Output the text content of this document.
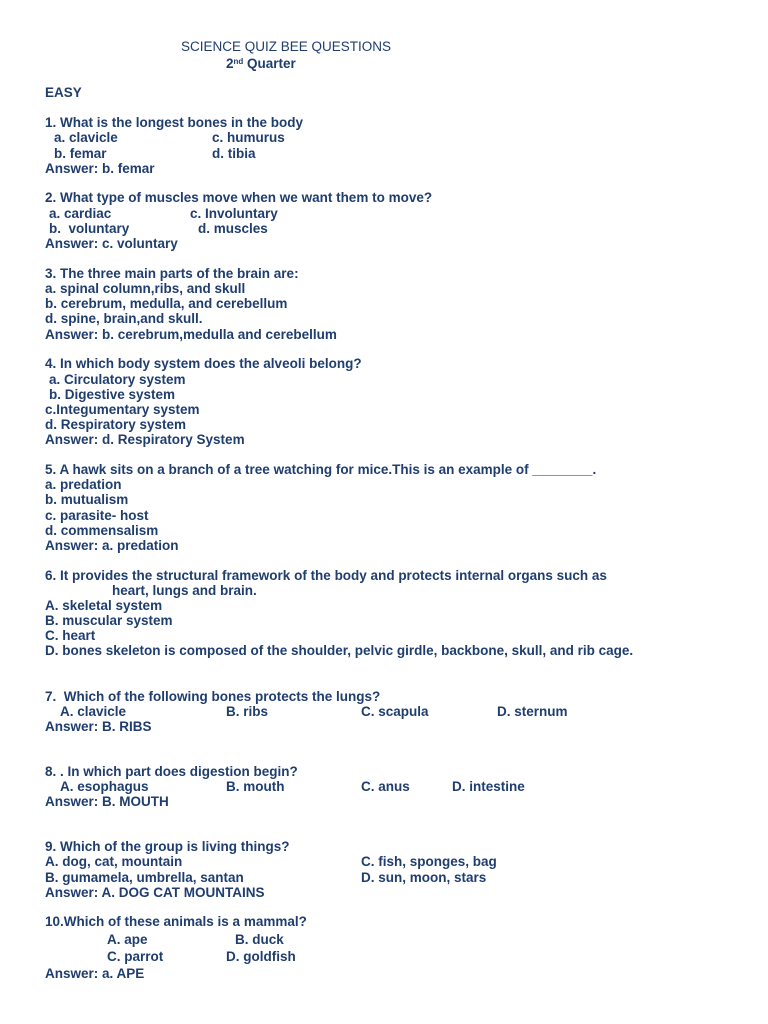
SCIENCE QUIZ BEE QUESTIONS
2nd Quarter
EASY
1. What is the longest bones in the body
a. clavicle	c. humurus
b. femar	d. tibia
Answer: b. femar
2. What type of muscles move when we want them to move?
a. cardiac	c. Involuntary
b.  voluntary	d. muscles
Answer: c. voluntary
3. The three main parts of the brain are:
a. spinal column,ribs, and skull
b. cerebrum, medulla, and cerebellum
d. spine, brain,and skull.
Answer: b. cerebrum,medulla and cerebellum
4. In which body system does the alveoli belong?
a. Circulatory system
b. Digestive system
c.Integumentary system
d. Respiratory system
Answer: d. Respiratory System
5. A hawk sits on a branch of a tree watching for mice.This is an example of ________.
a. predation
b. mutualism
c. parasite- host
d. commensalism
Answer: a. predation
6. It provides the structural framework of the body and protects internal organs such as
heart, lungs and brain.
A. skeletal system
B. muscular system
C. heart
D. bones skeleton is composed of the shoulder, pelvic girdle, backbone, skull, and rib cage.
7.  Which of the following bones protects the lungs?
A. clavicle	B. ribs	C. scapula	D. sternum
Answer: B. RIBS
8. . In which part does digestion begin?
A. esophagus	B. mouth	C. anus	D. intestine
Answer: B. MOUTH
9. Which of the group is living things?
A. dog, cat, mountain	C. fish, sponges, bag
B. gumamela, umbrella, santan	D. sun, moon, stars
Answer: A. DOG CAT MOUNTAINS
10.Which of these animals is a mammal?
A. ape	B. duck
C. parrot	D. goldfish
Answer: a. APE
